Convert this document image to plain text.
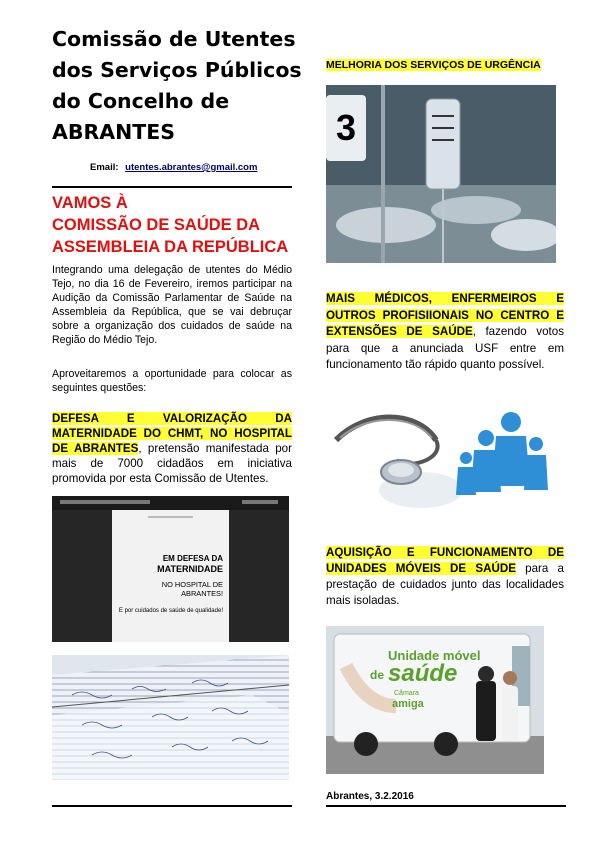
Comissão de Utentes
dos Serviços Públicos
do Concelho de
ABRANTES
Email: utentes.abrantes@gmail.com
VAMOS À
COMISSÃO DE SAÚDE DA
ASSEMBLEIA DA REPÚBLICA
Integrando uma delegação de utentes do Médio Tejo, no dia 16 de Fevereiro, iremos participar na Audição da Comissão Parlamentar de Saúde na Assembleia da República, que se vai debruçar sobre a organização dos cuidados de saúde na Região do Médio Tejo.
Aproveitaremos a oportunidade para colocar as seguintes questões:
DEFESA E VALORIZAÇÃO DA MATERNIDADE DO CHMT, NO HOSPITAL DE ABRANTES, pretensão manifestada por mais de 7000 cidadãos em iniciativa promovida por esta Comissão de Utentes.
EM DEFESA DA
MATERNIDADE
NO HOSPITAL DE
ABRANTES!
E por cuidados de saúde de qualidade!
MELHORIA DOS SERVIÇOS DE URGÊNCIA
3
MAIS MÉDICOS, ENFERMEIROS E OUTROS PROFISIIONAIS NO CENTRO E EXTENSÕES DE SAÚDE, fazendo votos para que a anunciada USF entre em funcionamento tão rápido quanto possível.
AQUISIÇÃO E FUNCIONAMENTO DE UNIDADES MÓVEIS DE SAÚDE para a prestação de cuidados junto das localidades mais isoladas.
Unidade móvel
de saúde
Câmara
amiga
Abrantes, 3.2.2016
